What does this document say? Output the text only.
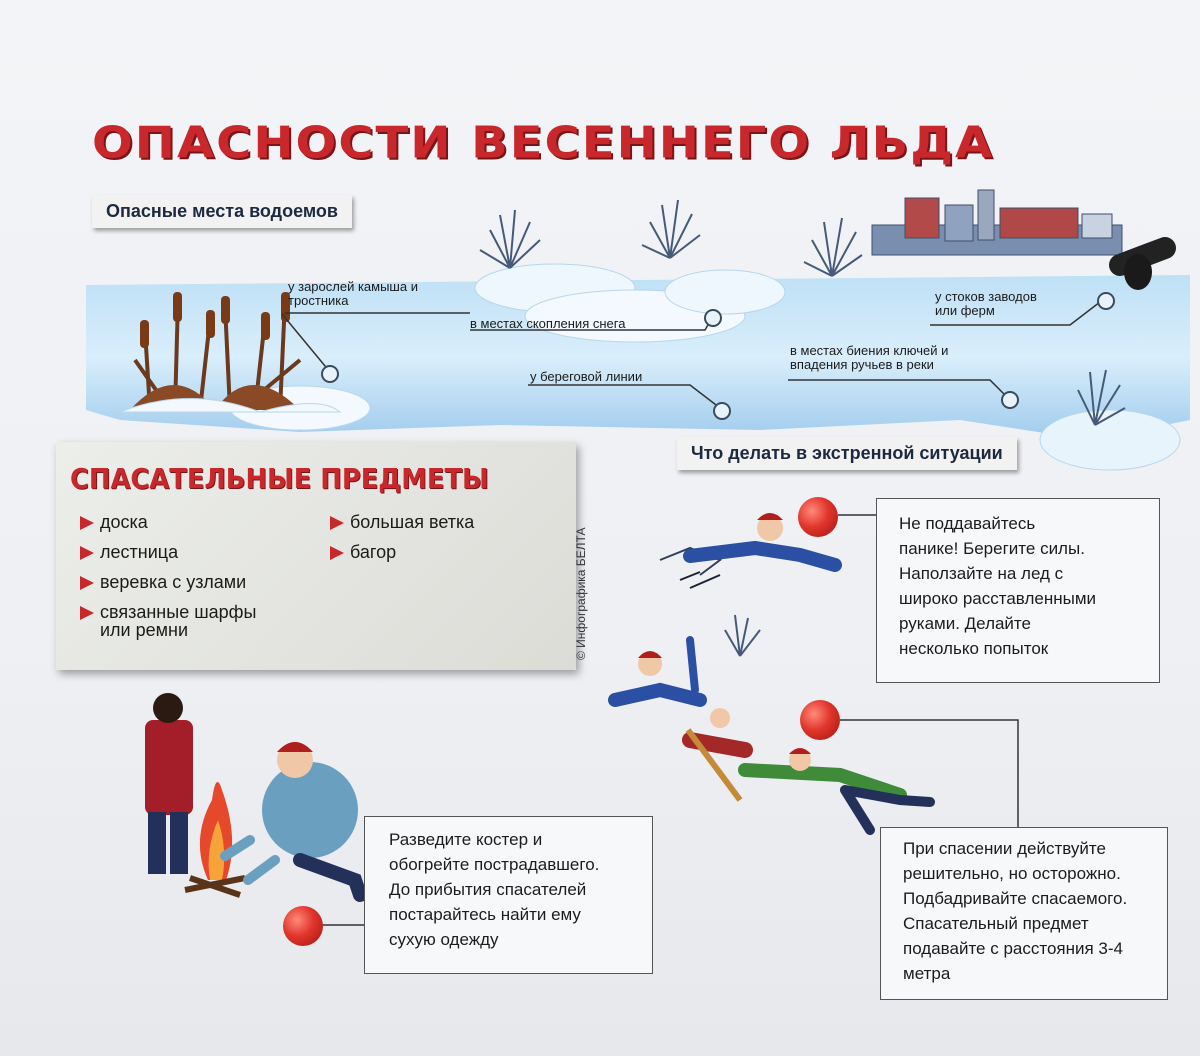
ОПАСНОСТИ ВЕСЕННЕГО ЛЬДА
Опасные места водоемов
Что делать в экстренной ситуации
у зарослей камыша и
тростника
в местах скопления снега
у береговой линии
у стоков заводов
или ферм
в местах биения ключей и
впадения ручьев в реки
СПАСАТЕЛЬНЫЕ ПРЕДМЕТЫ
доска
лестница
веревка с узлами
связанные шарфы
или ремни
большая ветка
багор	© Инфографика БЕЛТА
Не поддавайтесь
панике! Берегите силы.
Наползайте на лед с
широко расставленными
руками. Делайте
несколько попыток
Разведите костер и
обогрейте пострадавшего.
До прибытия спасателей
постарайтесь найти ему
сухую одежду
При спасении действуйте
решительно, но осторожно.
Подбадривайте спасаемого.
Спасательный предмет
подавайте с расстояния 3-4
метра
